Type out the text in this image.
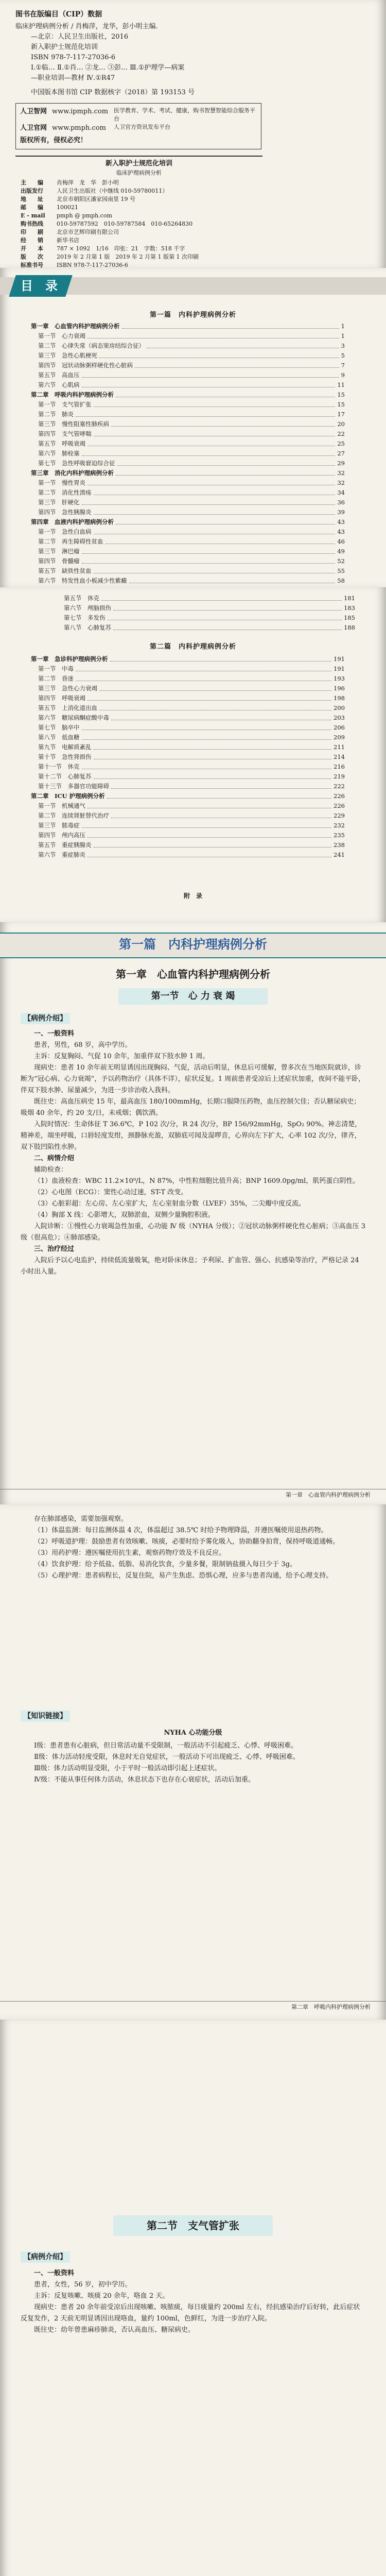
图书在版编目（CIP）数据
临床护理病例分析 / 肖梅萍，龙华，彭小明主编.
—北京：人民卫生出版社，2016
新入职护士规范化培训
ISBN 978-7-117-27036-6
Ⅰ.①临… Ⅱ.①肖… ②龙… ③彭… Ⅲ.①护理学—病案
—职业培训—教材 Ⅳ.①R47
中国版本图书馆 CIP 数据核字（2018）第 193153 号
人卫智网 www.ipmph.com 医学教育、学术、考试、健康，购书智慧智能综合服务平台
人卫官网 www.pmph.com	人卫官方资讯发布平台
版权所有，侵权必究！
新入职护士规范化培训
临床护理病例分析
主　　编	肖梅萍　龙　华　彭小明
出版发行	人民卫生出版社（中继线 010-59780011）
地　　址	北京市朝阳区潘家园南里 19 号
邮　　编	100021
E - mail	pmph @ pmph.com
购书热线	010-59787592　010-59787584　010-65264830
印　　刷	北京市艺辉印刷有限公司
经　　销	新华书店
开　　本	787 × 1092　1/16　印张：21　字数：518 千字
版　　次	2019 年 2 月第 1 版　2019 年 2 月第 1 版第 1 次印刷
标准书号	ISBN 978-7-117-27036-6
目　录
第一篇　内科护理病例分析
第一章　心血管内科护理病例分析	1
第一节　心力衰竭	1
第二节　心律失常（病态窦房结综合征）	3
第三节　急性心肌梗死	5
第四节　冠状动脉粥样硬化性心脏病	7
第五节　高血压	9
第六节　心肌病	11
第二章　呼吸内科护理病例分析	15
第一节　支气管扩张	15
第二节　肺炎	17
第三节　慢性阻塞性肺疾病	20
第四节　支气管哮喘	22
第五节　呼吸衰竭	25
第六节　肺栓塞	27
第七节　急性呼吸窘迫综合征	29
第三章　消化内科护理病例分析	32
第一节　慢性胃炎	32
第二节　消化性溃疡	34
第三节　肝硬化	36
第四节　急性胰腺炎	39
第四章　血液内科护理病例分析	43
第一节　急性白血病	43
第二节　再生障碍性贫血	46
第三节　淋巴瘤	49
第四节　骨髓瘤	52
第五节　缺铁性贫血	55
第六节　特发性血小板减少性紫癜	58
第五节　休克	181
第六节　颅脑损伤	183
第七节　多发伤	185
第八节　心肺复苏	188
第二篇　内科护理病例分析
第一章　急诊科护理病例分析	191
第一节　中毒	191
第二节　昏迷	193
第三节　急性心力衰竭	196
第四节　呼吸衰竭	198
第五节　上消化道出血	200
第六节　糖尿病酮症酸中毒	203
第七节　脑卒中	206
第八节　低血糖	209
第九节　电解质紊乱	211
第十节　急性肾损伤	214
第十一节　休克	216
第十二节　心肺复苏	219
第十三节　多器官功能障碍	222
第二章　ICU 护理病例分析	226
第一节　机械通气	226
第二节　连续肾脏替代治疗	229
第三节　脓毒症	232
第四节　颅内高压	235
第五节　重症胰腺炎	238
第六节　重症肺炎	241
附　录
第一篇　内科护理病例分析
第一章　心血管内科护理病例分析
第一节　心 力 衰 竭
【病例介绍】
一、一般资料
患者，男性，68 岁，高中学历。
主诉：反复胸闷、气促 10 余年，加重伴双下肢水肿 1 周。
现病史：患者 10 余年前无明显诱因出现胸闷、气促，活动后明显，休息后可缓解，曾多次在当地医院就诊，诊断为“冠心病、心力衰竭”，予以药物治疗（具体不详），症状反复。1 周前患者受凉后上述症状加重，夜间不能平卧，伴双下肢水肿、尿量减少，为进一步诊治收入我科。
既往史：高血压病史 15 年，最高血压 180/100mmHg，长期口服降压药物，血压控制欠佳；否认糖尿病史；吸烟 40 余年，约 20 支/日，未戒烟；偶饮酒。
入院时情况：生命体征 T 36.6℃，P 102 次/分，R 24 次/分，BP 156/92mmHg，SpO₂ 90%。神志清楚，精神差，端坐呼吸，口唇轻度发绀，颈静脉充盈，双肺底可闻及湿啰音，心界向左下扩大，心率 102 次/分，律齐，双下肢凹陷性水肿。
二、病情介绍
辅助检查：
（1）血液检查：WBC 11.2×10⁹/L，N 87%，中性粒细胞比值升高；BNP 1609.0pg/ml，肌钙蛋白阴性。
（2）心电图（ECG）：窦性心动过速，ST-T 改变。
（3）心脏彩超：左心房、左心室扩大，左心室射血分数（LVEF）35%，二尖瓣中度反流。
（4）胸部 X 线：心影增大，双肺淤血，双侧少量胸腔积液。
入院诊断：①慢性心力衰竭急性加重，心功能 Ⅳ 级（NYHA 分级）；②冠状动脉粥样硬化性心脏病；③高血压 3 级（很高危）；④肺部感染。
三、治疗经过
入院后予以心电监护，持续低流量吸氧，绝对卧床休息；予利尿、扩血管、强心、抗感染等治疗，严格记录 24 小时出入量。
第一章　心血管内科护理病例分析
存在肺部感染，需要加强观察。
（1）体温监测：每日监测体温 4 次，体温超过 38.5℃ 时给予物理降温，并遵医嘱使用退热药物。
（2）呼吸道护理：鼓励患者有效咳嗽、咳痰，必要时给予雾化吸入，协助翻身拍背，保持呼吸道通畅。
（3）用药护理：遵医嘱使用抗生素，观察药物疗效及不良反应。
（4）饮食护理：给予低盐、低脂、易消化饮食，少量多餐，限制钠盐摄入每日少于 3g。
（5）心理护理：患者病程长，反复住院，易产生焦虑、恐惧心理，应多与患者沟通，给予心理支持。
【知识链接】
NYHA 心功能分级
Ⅰ级：患者患有心脏病，但日常活动量不受限制，一般活动不引起疲乏、心悸、呼吸困难。
Ⅱ级：体力活动轻度受限，休息时无自觉症状，一般活动下可出现疲乏、心悸、呼吸困难。
Ⅲ级：体力活动明显受限，小于平时一般活动即引起上述症状。
Ⅳ级：不能从事任何体力活动，休息状态下也存在心衰症状，活动后加重。
第二章　呼吸内科护理病例分析
第二节　支气管扩张
【病例介绍】
一、一般资料
患者，女性，56 岁，初中学历。
主诉：反复咳嗽、咳痰 20 余年，咯血 2 天。
现病史：患者 20 余年前受凉后出现咳嗽、咳脓痰，每日痰量约 200ml 左右，经抗感染治疗后好转，此后症状反复发作，2 天前无明显诱因出现咯血，量约 100ml，色鲜红，为进一步治疗入院。
既往史：幼年曾患麻疹肺炎，否认高血压、糖尿病史。
